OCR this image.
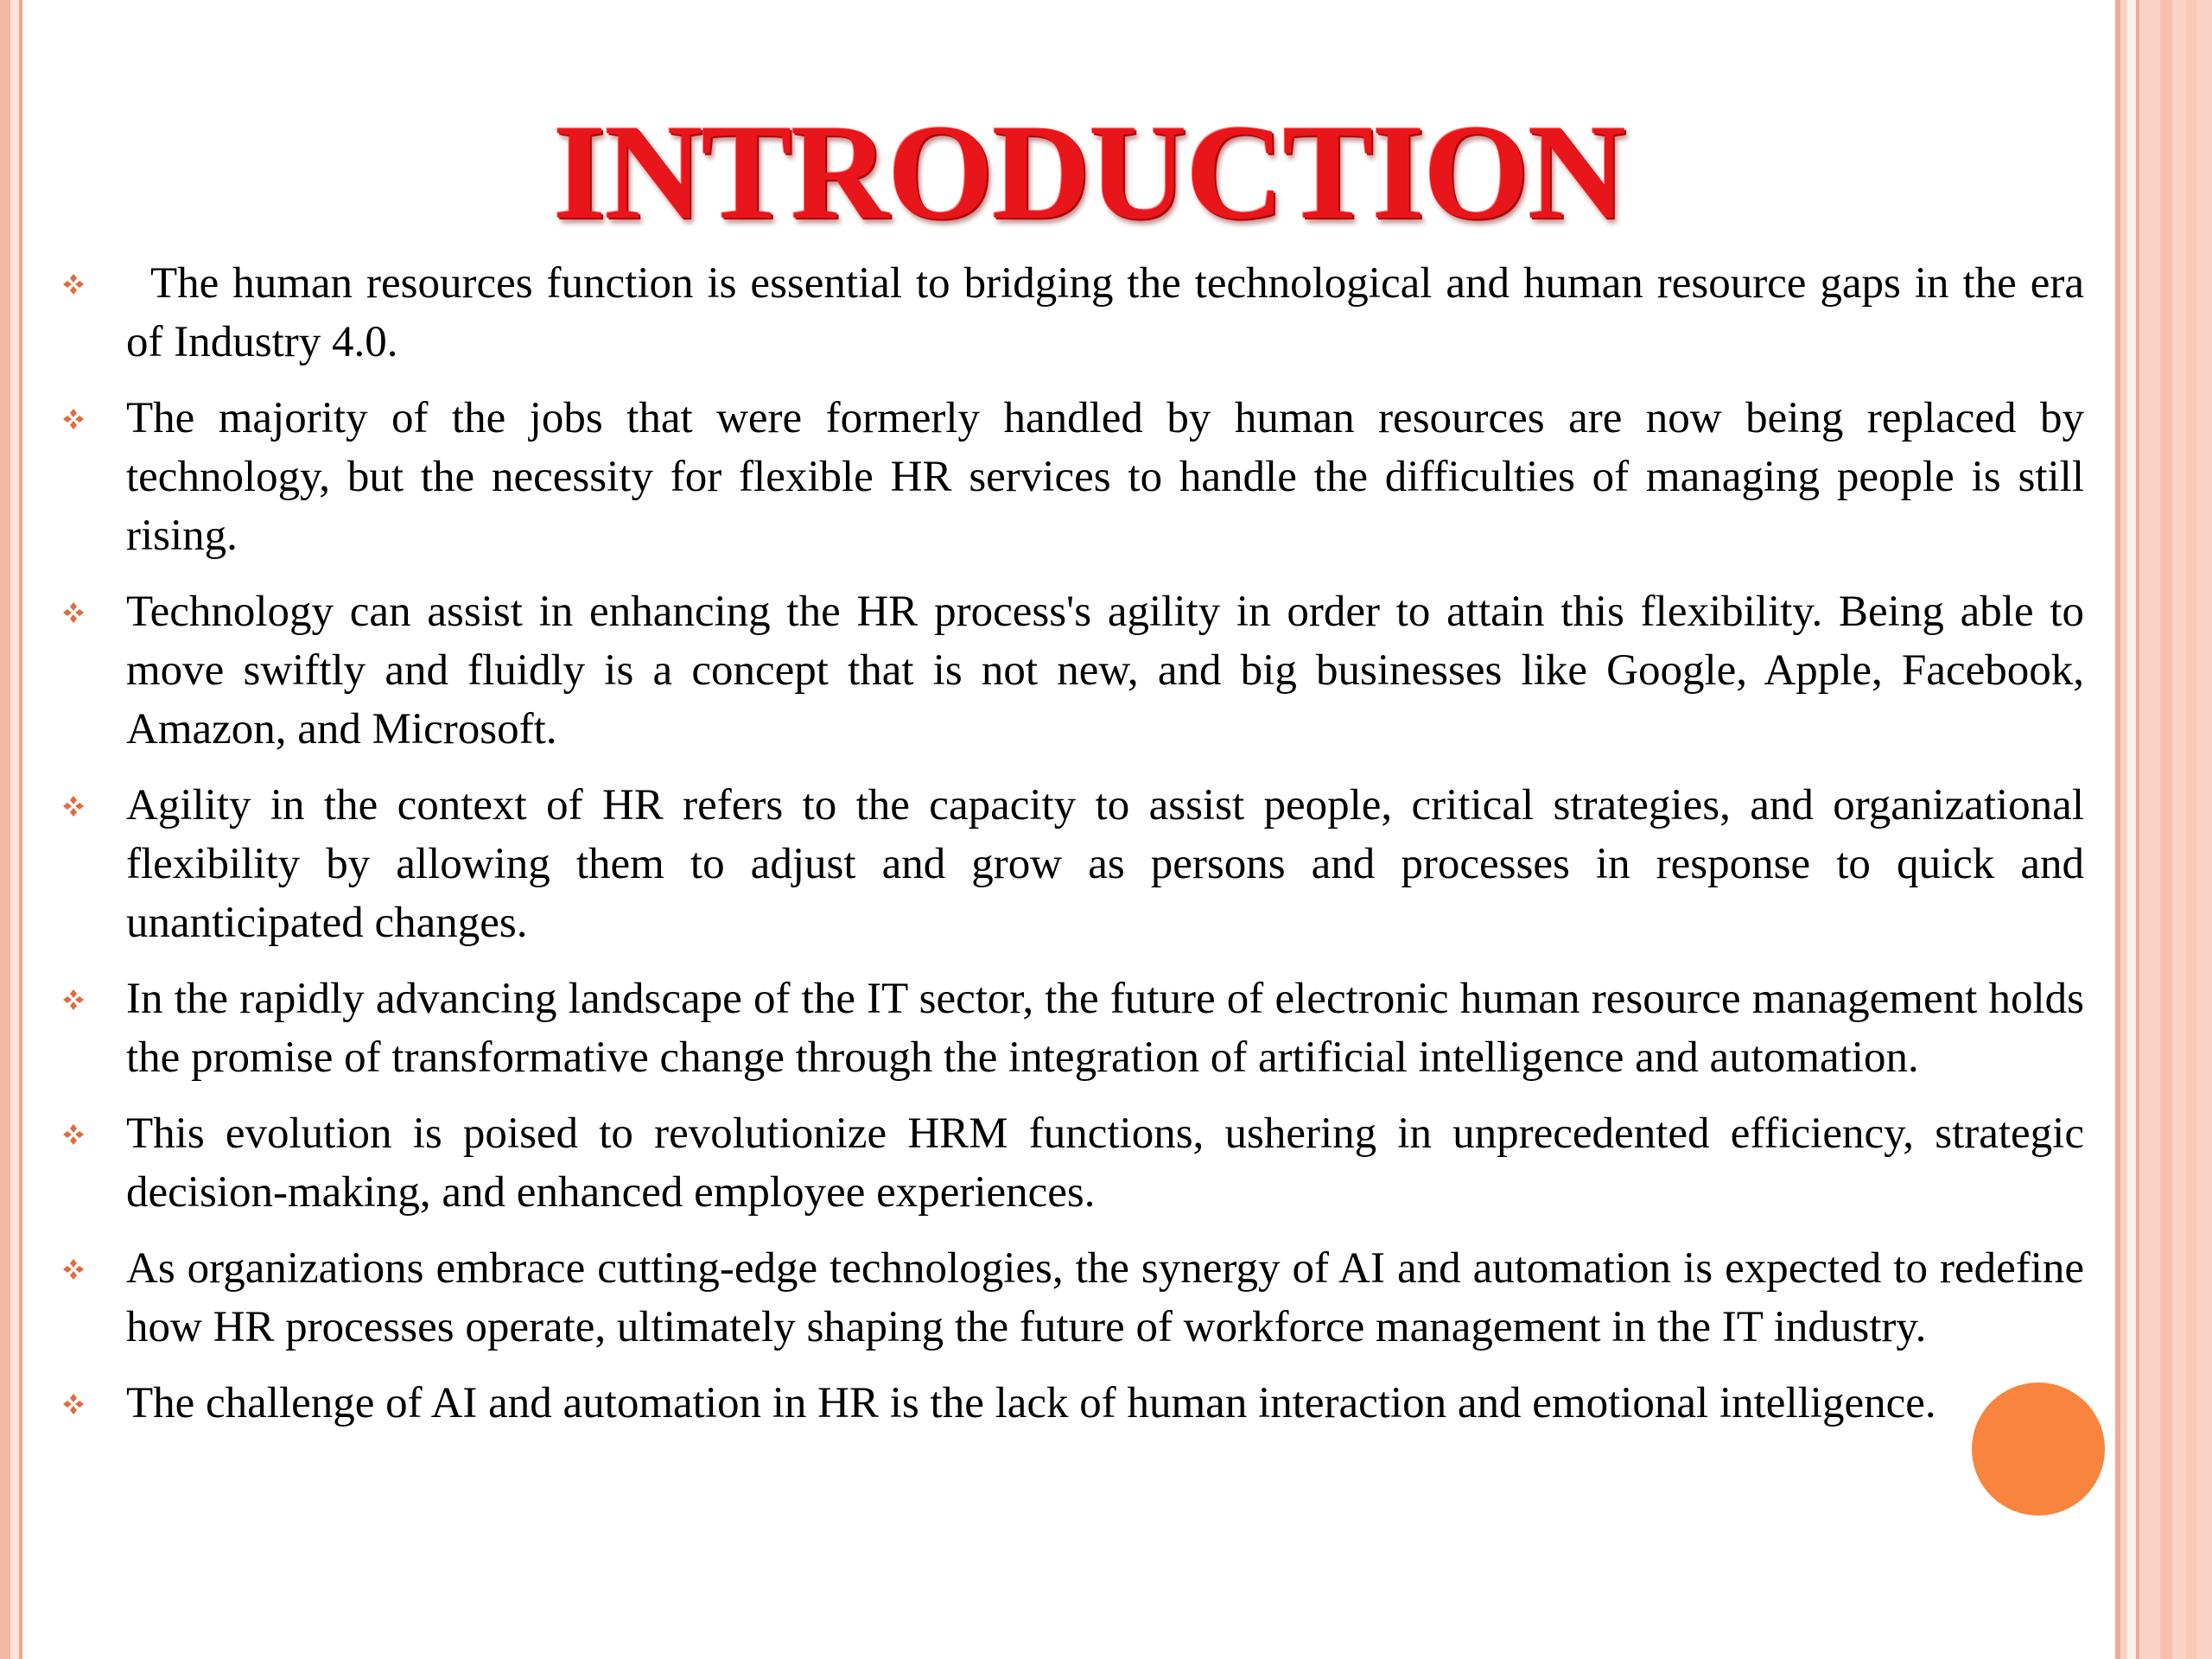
INTRODUCTION
The human resources function is essential to bridging the technological and human resource gaps in the era of Industry 4.0.
The majority of the jobs that were formerly handled by human resources are now being replaced by technology, but the necessity for flexible HR services to handle the difficulties of managing people is still rising.
Technology can assist in enhancing the HR process's agility in order to attain this flexibility. Being able to move swiftly and fluidly is a concept that is not new, and big businesses like Google, Apple, Facebook, Amazon, and Microsoft.
Agility in the context of HR refers to the capacity to assist people, critical strategies, and organizational flexibility by allowing them to adjust and grow as persons and processes in response to quick and unanticipated changes.
In the rapidly advancing landscape of the IT sector, the future of electronic human resource management holds the promise of transformative change through the integration of artificial intelligence and automation.
This evolution is poised to revolutionize HRM functions, ushering in unprecedented efficiency, strategic decision-making, and enhanced employee experiences.
As organizations embrace cutting-edge technologies, the synergy of AI and automation is expected to redefine how HR processes operate, ultimately shaping the future of workforce management in the IT industry.
The challenge of AI and automation in HR is the lack of human interaction and emotional intelligence.
